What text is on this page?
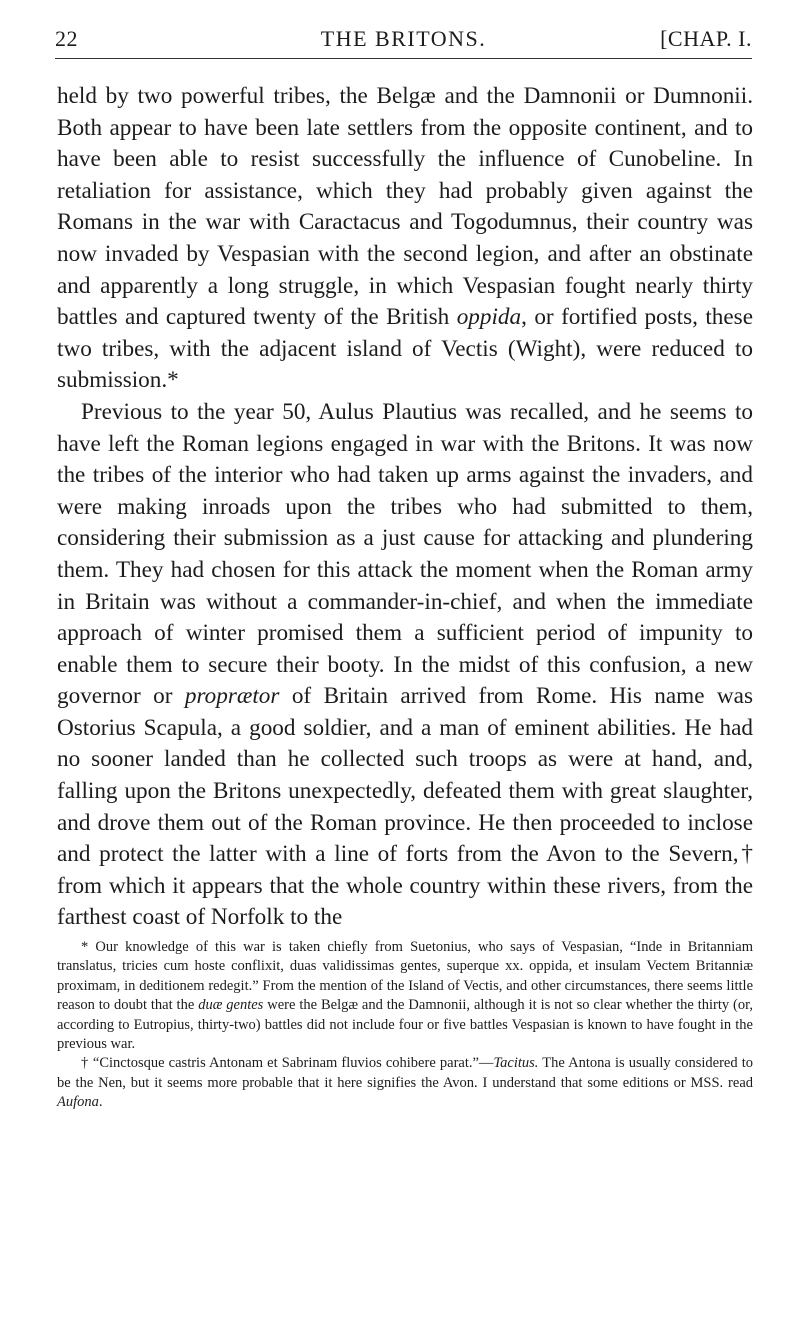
22	THE BRITONS.	[CHAP. I.

held by two powerful tribes, the Belgæ and the Damnonii or Dumnonii. Both appear to have been late settlers from the opposite continent, and to have been able to resist successfully the influence of Cunobeline. In retaliation for assistance, which they had probably given against the Romans in the war with Caractacus and Togodumnus, their country was now invaded by Vespasian with the second legion, and after an obstinate and apparently a long struggle, in which Vespasian fought nearly thirty battles and captured twenty of the British oppida, or fortified posts, these two tribes, with the adjacent island of Vectis (Wight), were reduced to submission.*

Previous to the year 50, Aulus Plautius was recalled, and he seems to have left the Roman legions engaged in war with the Britons. It was now the tribes of the interior who had taken up arms against the invaders, and were making inroads upon the tribes who had submitted to them, considering their submission as a just cause for attacking and plundering them. They had chosen for this attack the moment when the Roman army in Britain was without a commander-in-chief, and when the immediate approach of winter promised them a sufficient period of impunity to enable them to secure their booty. In the midst of this confusion, a new governor or proprætor of Britain arrived from Rome. His name was Ostorius Scapula, a good soldier, and a man of eminent abilities. He had no sooner landed than he collected such troops as were at hand, and, falling upon the Britons unexpectedly, defeated them with great slaughter, and drove them out of the Roman province. He then proceeded to inclose and protect the latter with a line of forts from the Avon to the Severn,† from which it appears that the whole country within these rivers, from the farthest coast of Norfolk to the

* Our knowledge of this war is taken chiefly from Suetonius, who says of Vespasian, “Inde in Britanniam translatus, tricies cum hoste conflixit, duas validissimas gentes, superque xx. oppida, et insulam Vectem Britanniæ proximam, in deditionem redegit.” From the mention of the Island of Vectis, and other circumstances, there seems little reason to doubt that the duæ gentes were the Belgæ and the Damnonii, although it is not so clear whether the thirty (or, according to Eutropius, thirty-two) battles did not include four or five battles Vespasian is known to have fought in the previous war.

† “Cinctosque castris Antonam et Sabrinam fluvios cohibere parat.”—Tacitus. The Antona is usually considered to be the Nen, but it seems more probable that it here signifies the Avon. I understand that some editions or MSS. read Aufona.
